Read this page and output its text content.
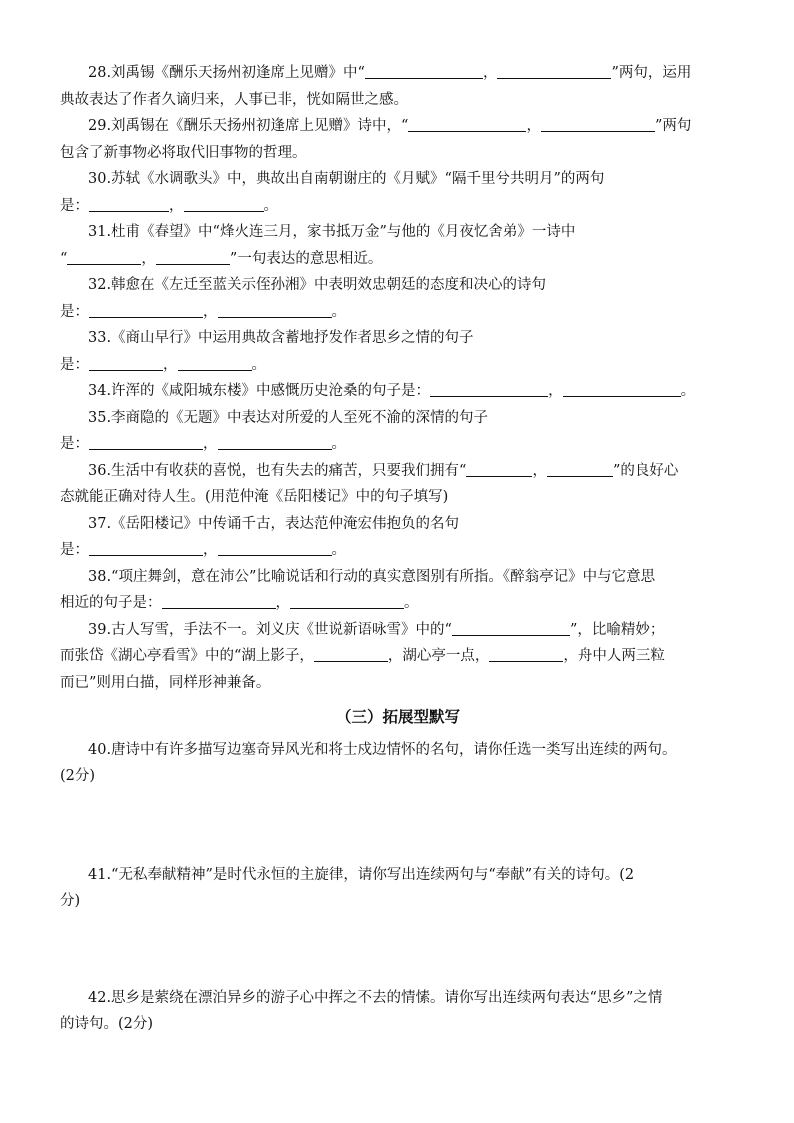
28.刘禹锡《酬乐天扬州初逢席上见赠》中“	，	”两句，运用

典故表达了作者久谪归来，人事已非，恍如隔世之感。

29.刘禹锡在《酬乐天扬州初逢席上见赠》诗中，“	，	”两句

包含了新事物必将取代旧事物的哲理。

30.苏轼《水调歌头》中，典故出自南朝谢庄的《月赋》“隔千里兮共明月”的两句

是：	，	。

31.杜甫《春望》中“烽火连三月，家书抵万金”与他的《月夜忆舍弟》一诗中

“	，	”一句表达的意思相近。

32.韩愈在《左迁至蓝关示侄孙湘》中表明效忠朝廷的态度和决心的诗句

是：	，	。

33.《商山早行》中运用典故含蓄地抒发作者思乡之情的句子

是：	，	。

34.许浑的《咸阳城东楼》中感慨历史沧桑的句子是：	，	。

35.李商隐的《无题》中表达对所爱的人至死不渝的深情的句子

是：	，	。

36.生活中有收获的喜悦，也有失去的痛苦，只要我们拥有“	，	”的良好心

态就能正确对待人生。(用范仲淹《岳阳楼记》中的句子填写)

37.《岳阳楼记》中传诵千古，表达范仲淹宏伟抱负的名句

是：	，	。

38.“项庄舞剑，意在沛公”比喻说话和行动的真实意图别有所指。《醉翁亭记》中与它意思

相近的句子是：	，	。

39.古人写雪，手法不一。刘义庆《世说新语咏雪》中的“	”，比喻精妙；

而张岱《湖心亭看雪》中的“湖上影子，	，湖心亭一点，	，舟中人两三粒

而已”则用白描，同样形神兼备。

（三）拓展型默写

40.唐诗中有许多描写边塞奇异风光和将士戍边情怀的名句，请你任选一类写出连续的两句。

(2分)

41.“无私奉献精神”是时代永恒的主旋律，请你写出连续两句与“奉献”有关的诗句。(2

分)

42.思乡是萦绕在漂泊异乡的游子心中挥之不去的情愫。请你写出连续两句表达“思乡”之情

的诗句。(2分)
